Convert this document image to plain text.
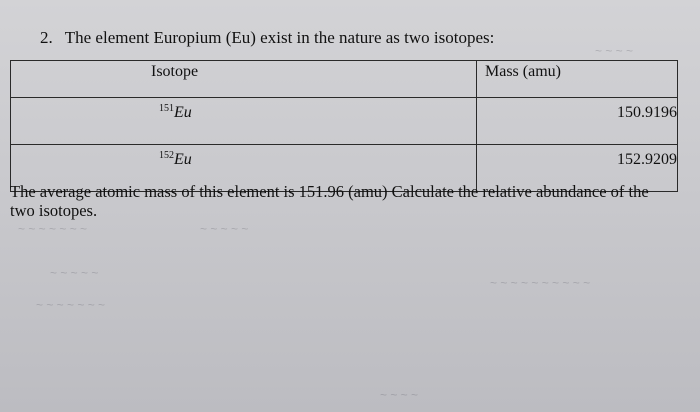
2. The element Europium (Eu) exist in the nature as two isotopes:
Isotope	Mass (amu)
$^{151}$Eu	150.9196
$^{152}$Eu	152.9209
The average atomic mass of this element is 151.96 (amu) Calculate the relative abundance of the
two isotopes.
~ ~ ~ ~
~ ~ ~ ~ ~ ~ ~	~ ~ ~ ~ ~
~ ~ ~ ~ ~
~ ~ ~ ~ ~ ~ ~ ~ ~ ~
~ ~ ~ ~ ~ ~ ~
~ ~ ~ ~
